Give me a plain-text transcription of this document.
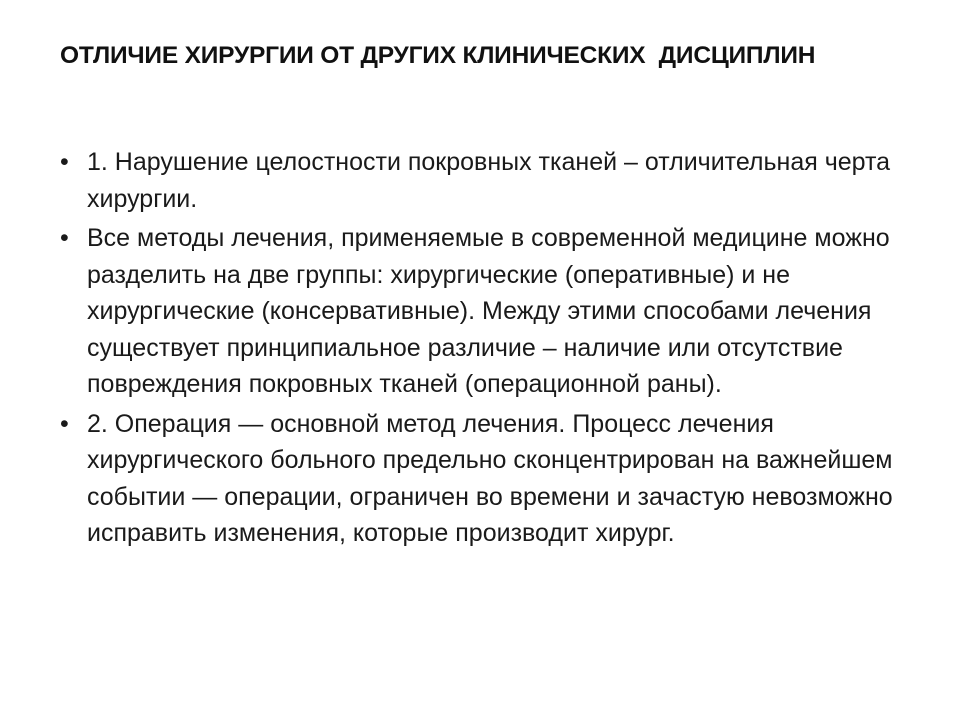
ОТЛИЧИЕ ХИРУРГИИ ОТ ДРУГИХ КЛИНИЧЕСКИХ  ДИСЦИПЛИН
• 1. Нарушение целостности покровных тканей – отличительная черта хирургии.
• Все методы лечения, применяемые в современной медицине можно разделить на две группы: хирургические (оперативные) и не хирургические (консервативные). Между этими способами лечения существует принципиальное различие – наличие или отсутствие повреждения покровных тканей (операционной раны).
• 2. Операция — основной метод лечения. Процесс лечения хирургического больного предельно сконцентрирован на важнейшем событии — операции, ограничен во времени и зачастую невозможно исправить изменения, которые производит хирург.
